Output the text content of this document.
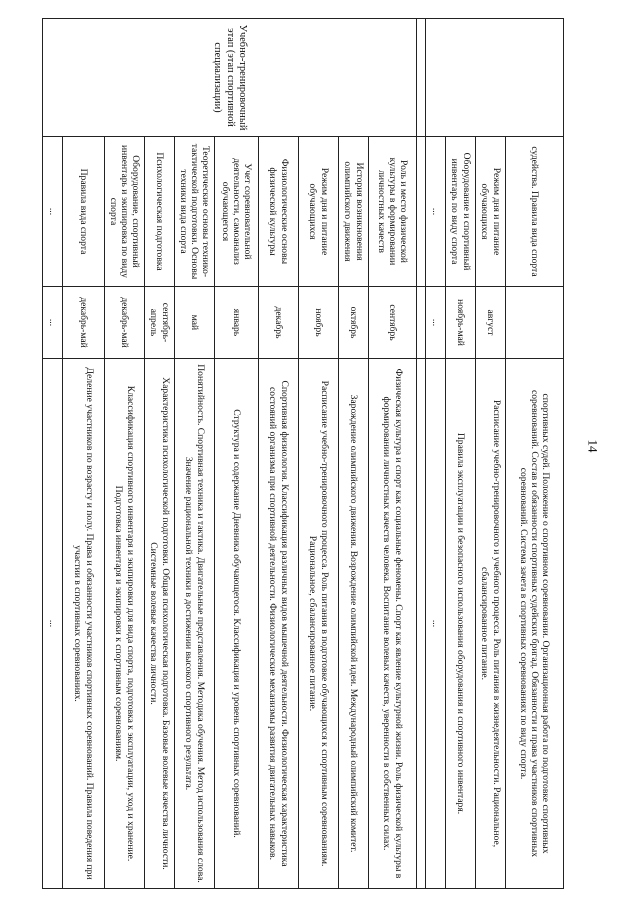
14
	судейства. Правила вида спорта		спортивных судей. Положение о спортивном соревновании. Организационная работа по подготовке спортивных соревнований. Состав и обязанности спортивных судейских бригад. Обязанности и права участников спортивных соревнований. Система зачета в спортивных соревнованиях по виду спорта.
	Режим дня и питание обучающихся	август	Расписание учебно-тренировочного и учебного процесса. Роль питания в жизнедеятельности. Рациональное, сбалансированное питание.
	Оборудование и спортивный инвентарь по виду спорта	ноябрь-май	Правила эксплуатации и безопасного использования оборудования и спортивного инвентаря.
	...	...	...

Учебно-тренировочный этап (этап спортивной специализации)	Роль и место физической культуры в формировании личностных качеств	сентябрь	Физическая культура и спорт как социальные феномены. Спорт как явление культурной жизни. Роль физической культуры в формировании личностных качеств человека. Воспитание волевых качеств, уверенности в собственных силах.
	История возникновения олимпийского движения	октябрь	Зарождение олимпийского движения. Возрождение олимпийской идеи. Международный олимпийский комитет.
	Режим дня и питание обучающихся	ноябрь	Расписание учебно-тренировочного процесса. Роль питания в подготовке обучающихся к спортивным соревнованиям. Рациональное, сбалансированное питание.
	Физиологические основы физической культуры	декабрь	Спортивная физиология. Классификация различных видов мышечной деятельности. Физиологическая характеристика состояний организма при спортивной деятельности. Физиологические механизмы развития двигательных навыков.
	Учет соревновательной деятельности, самоанализ обучающегося	январь	Структура и содержание Дневника обучающегося. Классификация и уровень спортивных соревнований.
	Теоретические основы технико-тактической подготовки. Основы техники вида спорта	май	Понятийность. Спортивная техника и тактика. Двигательные представления. Методика обучения. Метод использования слова. Значение рациональной техники в достижении высокого спортивного результата.
	Психологическая подготовка	сентябрь-апрель	Характеристика психологической подготовки. Общая психологическая подготовка. Базовые волевые качества личности. Системные волевые качества личности.
	Оборудование, спортивный инвентарь и экипировка по виду спорта	декабрь-май	Классификация спортивного инвентаря и экипировки для вида спорта, подготовка к эксплуатации, уход и хранение. Подготовка инвентаря и экипировки к спортивным соревнованиям.
	Правила вида спорта	декабрь-май	Деление участников по возрасту и полу. Права и обязанности участников спортивных соревнований. Правила поведения при участии в спортивных соревнованиях.
	...	...	...
